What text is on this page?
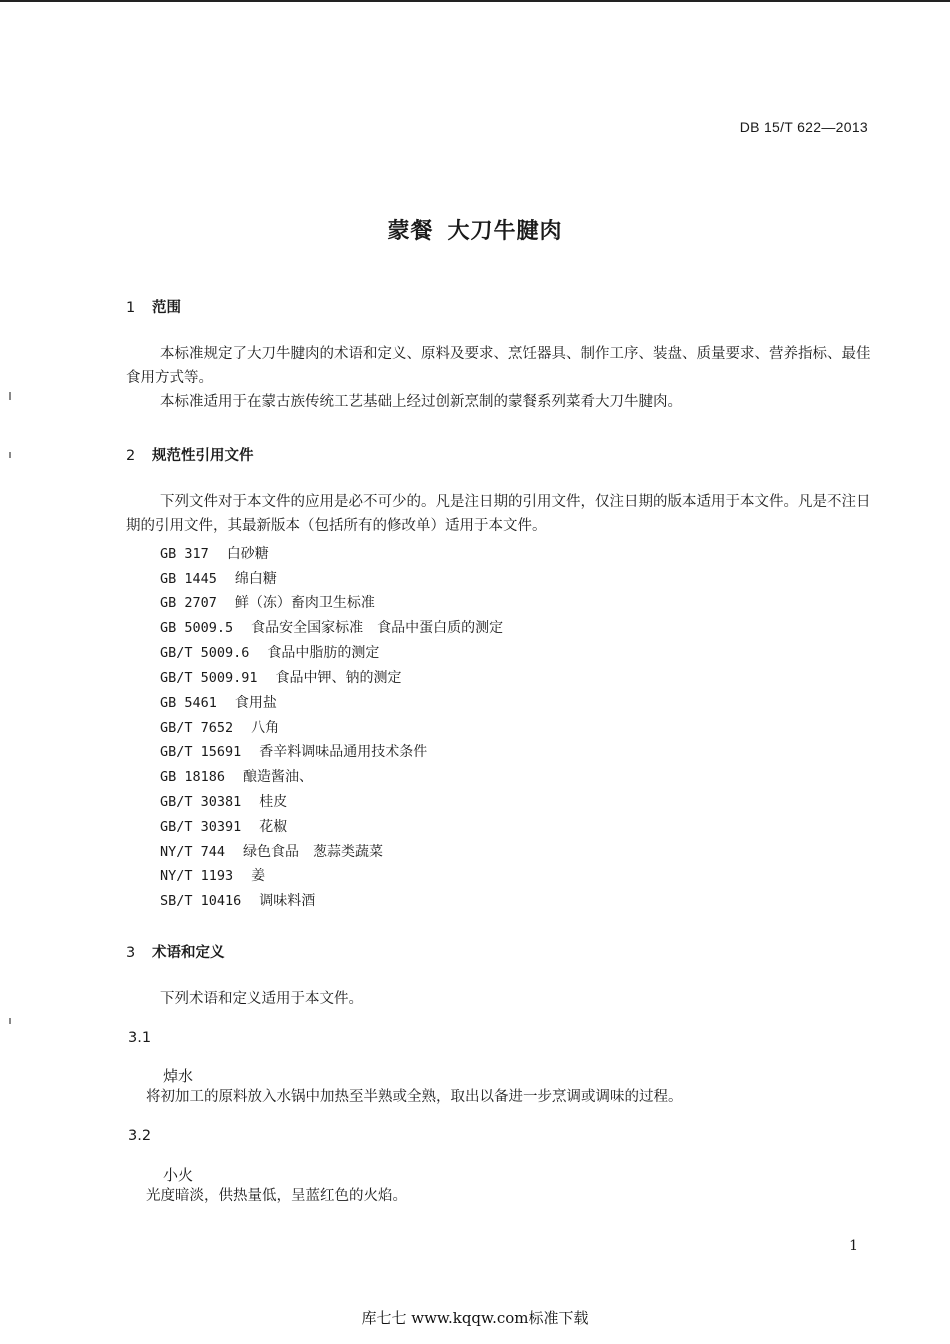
DB 15/T 622—2013
蒙餐 大刀牛腱肉
1 范围
本标准规定了大刀牛腱肉的术语和定义、原料及要求、烹饪器具、制作工序、装盘、质量要求、营养指标、最佳食用方式等。
本标准适用于在蒙古族传统工艺基础上经过创新烹制的蒙餐系列菜肴大刀牛腱肉。
2 规范性引用文件
下列文件对于本文件的应用是必不可少的。凡是注日期的引用文件，仅注日期的版本适用于本文件。凡是不注日期的引用文件，其最新版本（包括所有的修改单）适用于本文件。
GB 317 白砂糖
GB 1445 绵白糖
GB 2707 鲜（冻）畜肉卫生标准
GB 5009.5 食品安全国家标准　食品中蛋白质的测定
GB/T 5009.6 食品中脂肪的测定
GB/T 5009.91 食品中钾、钠的测定
GB 5461 食用盐
GB/T 7652 八角
GB/T 15691 香辛料调味品通用技术条件
GB 18186 酿造酱油、
GB/T 30381 桂皮
GB/T 30391 花椒
NY/T 744 绿色食品　葱蒜类蔬菜
NY/T 1193 姜
SB/T 10416 调味料酒
3 术语和定义
下列术语和定义适用于本文件。
3.1
焯水
将初加工的原料放入水锅中加热至半熟或全熟，取出以备进一步烹调或调味的过程。
3.2
小火
光度暗淡，供热量低，呈蓝红色的火焰。
1
库七七 www.kqqw.com标准下载
